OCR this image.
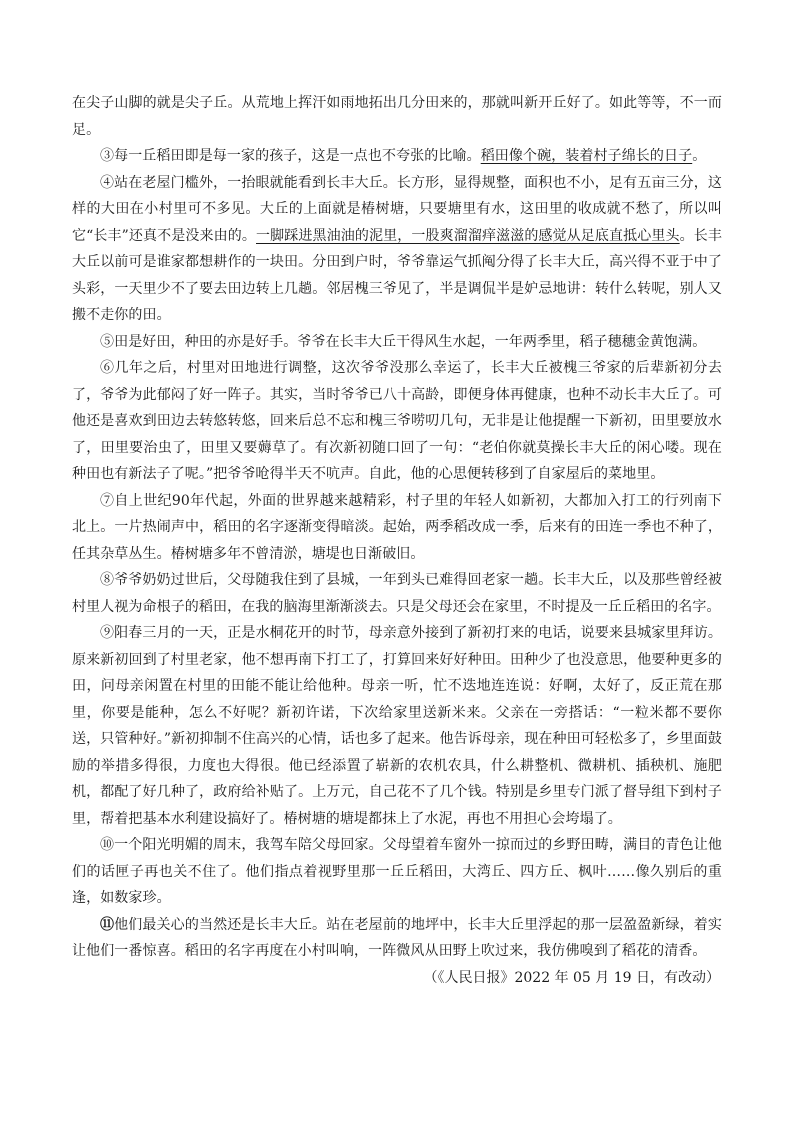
在尖子山脚的就是尖子丘。从荒地上挥汗如雨地拓出几分田来的，那就叫新开丘好了。如此等等，不一而足。

③每一丘稻田即是每一家的孩子，这是一点也不夸张的比喻。稻田像个碗，装着村子绵长的日子。

④站在老屋门槛外，一抬眼就能看到长丰大丘。长方形，显得规整，面积也不小，足有五亩三分，这样的大田在小村里可不多见。大丘的上面就是椿树塘，只要塘里有水，这田里的收成就不愁了，所以叫它“长丰”还真不是没来由的。一脚踩进黑油油的泥里，一股爽溜溜痒滋滋的感觉从足底直抵心里头。长丰大丘以前可是谁家都想耕作的一块田。分田到户时，爷爷靠运气抓阄分得了长丰大丘，高兴得不亚于中了头彩，一天里少不了要去田边转上几趟。邻居槐三爷见了，半是调侃半是妒忌地讲：转什么转呢，别人又搬不走你的田。

⑤田是好田，种田的亦是好手。爷爷在长丰大丘干得风生水起，一年两季里，稻子穗穗金黄饱满。

⑥几年之后，村里对田地进行调整，这次爷爷没那么幸运了，长丰大丘被槐三爷家的后辈新初分去了，爷爷为此郁闷了好一阵子。其实，当时爷爷已八十高龄，即便身体再健康，也种不动长丰大丘了。可他还是喜欢到田边去转悠转悠，回来后总不忘和槐三爷唠叨几句，无非是让他提醒一下新初，田里要放水了，田里要治虫了，田里又要薅草了。有次新初随口回了一句：“老伯你就莫操长丰大丘的闲心喽。现在种田也有新法子了呢。”把爷爷呛得半天不吭声。自此，他的心思便转移到了自家屋后的菜地里。

⑦自上世纪90年代起，外面的世界越来越精彩，村子里的年轻人如新初，大都加入打工的行列南下北上。一片热闹声中，稻田的名字逐渐变得暗淡。起始，两季稻改成一季，后来有的田连一季也不种了，任其杂草丛生。椿树塘多年不曾清淤，塘堤也日渐破旧。

⑧爷爷奶奶过世后，父母随我住到了县城，一年到头已难得回老家一趟。长丰大丘，以及那些曾经被村里人视为命根子的稻田，在我的脑海里渐渐淡去。只是父母还会在家里，不时提及一丘丘稻田的名字。

⑨阳春三月的一天，正是水桐花开的时节，母亲意外接到了新初打来的电话，说要来县城家里拜访。原来新初回到了村里老家，他不想再南下打工了，打算回来好好种田。田种少了也没意思，他要种更多的田，问母亲闲置在村里的田能不能让给他种。母亲一听，忙不迭地连连说：好啊，太好了，反正荒在那里，你要是能种，怎么不好呢？新初许诺，下次给家里送新米来。父亲在一旁搭话：“一粒米都不要你送，只管种好。”新初抑制不住高兴的心情，话也多了起来。他告诉母亲，现在种田可轻松多了，乡里面鼓励的举措多得很，力度也大得很。他已经添置了崭新的农机农具，什么耕整机、微耕机、插秧机、施肥机，都配了好几种了，政府给补贴了。上万元，自己花不了几个钱。特别是乡里专门派了督导组下到村子里，帮着把基本水利建设搞好了。椿树塘的塘堤都抹上了水泥，再也不用担心会垮塌了。

⑩一个阳光明媚的周末，我驾车陪父母回家。父母望着车窗外一掠而过的乡野田畴，满目的青色让他们的话匣子再也关不住了。他们指点着视野里那一丘丘稻田，大湾丘、四方丘、枫叶……像久别后的重逢，如数家珍。

⑪他们最关心的当然还是长丰大丘。站在老屋前的地坪中，长丰大丘里浮起的那一层盈盈新绿，着实让他们一番惊喜。稻田的名字再度在小村叫响，一阵微风从田野上吹过来，我仿佛嗅到了稻花的清香。

（《人民日报》2022 年 05 月 19 日，有改动）
